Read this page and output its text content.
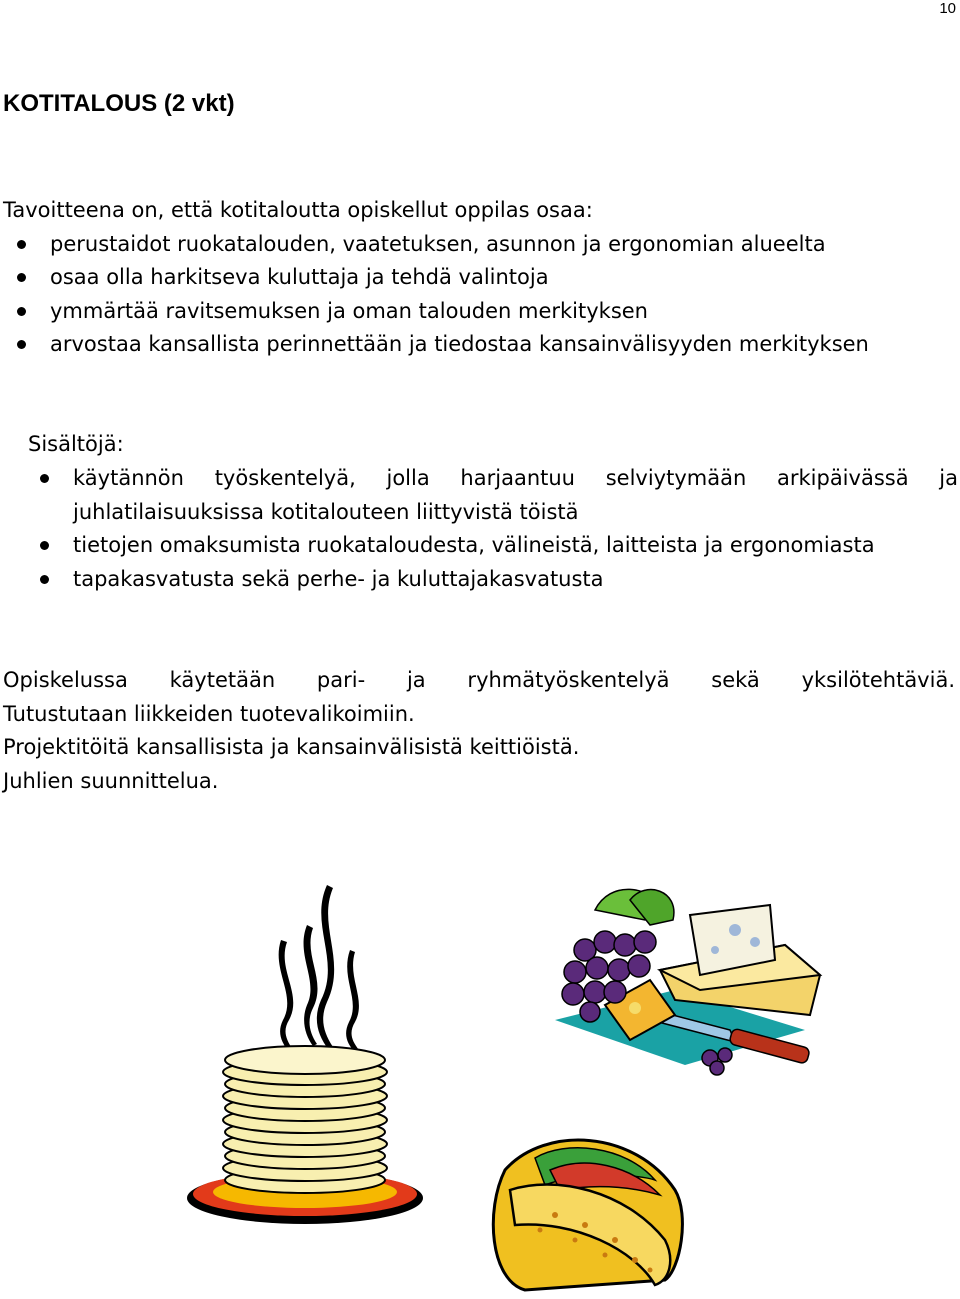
10
KOTITALOUS (2 vkt)
Tavoitteena on, että kotitaloutta opiskellut oppilas osaa:
perustaidot ruokatalouden, vaatetuksen, asunnon ja ergonomian alueelta
osaa olla harkitseva kuluttaja ja tehdä valintoja
ymmärtää ravitsemuksen ja oman talouden merkityksen
arvostaa kansallista perinnettään ja tiedostaa kansainvälisyyden merkityksen
Sisältöjä:
käytännön työskentelyä, jolla harjaantuu selviytymään arkipäivässä ja juhlatilaisuuksissa kotitalouteen liittyvistä töistä
tietojen omaksumista ruokataloudesta, välineistä, laitteista ja ergonomiasta
tapakasvatusta sekä perhe- ja kuluttajakasvatusta

Opiskelussa käytetään pari- ja ryhmätyöskentelyä sekä yksilötehtäviä.

Tutustutaan liikkeiden tuotevalikoimiin.

Projektitöitä kansallisista ja kansainvälisistä keittiöistä.

Juhlien suunnittelua.
